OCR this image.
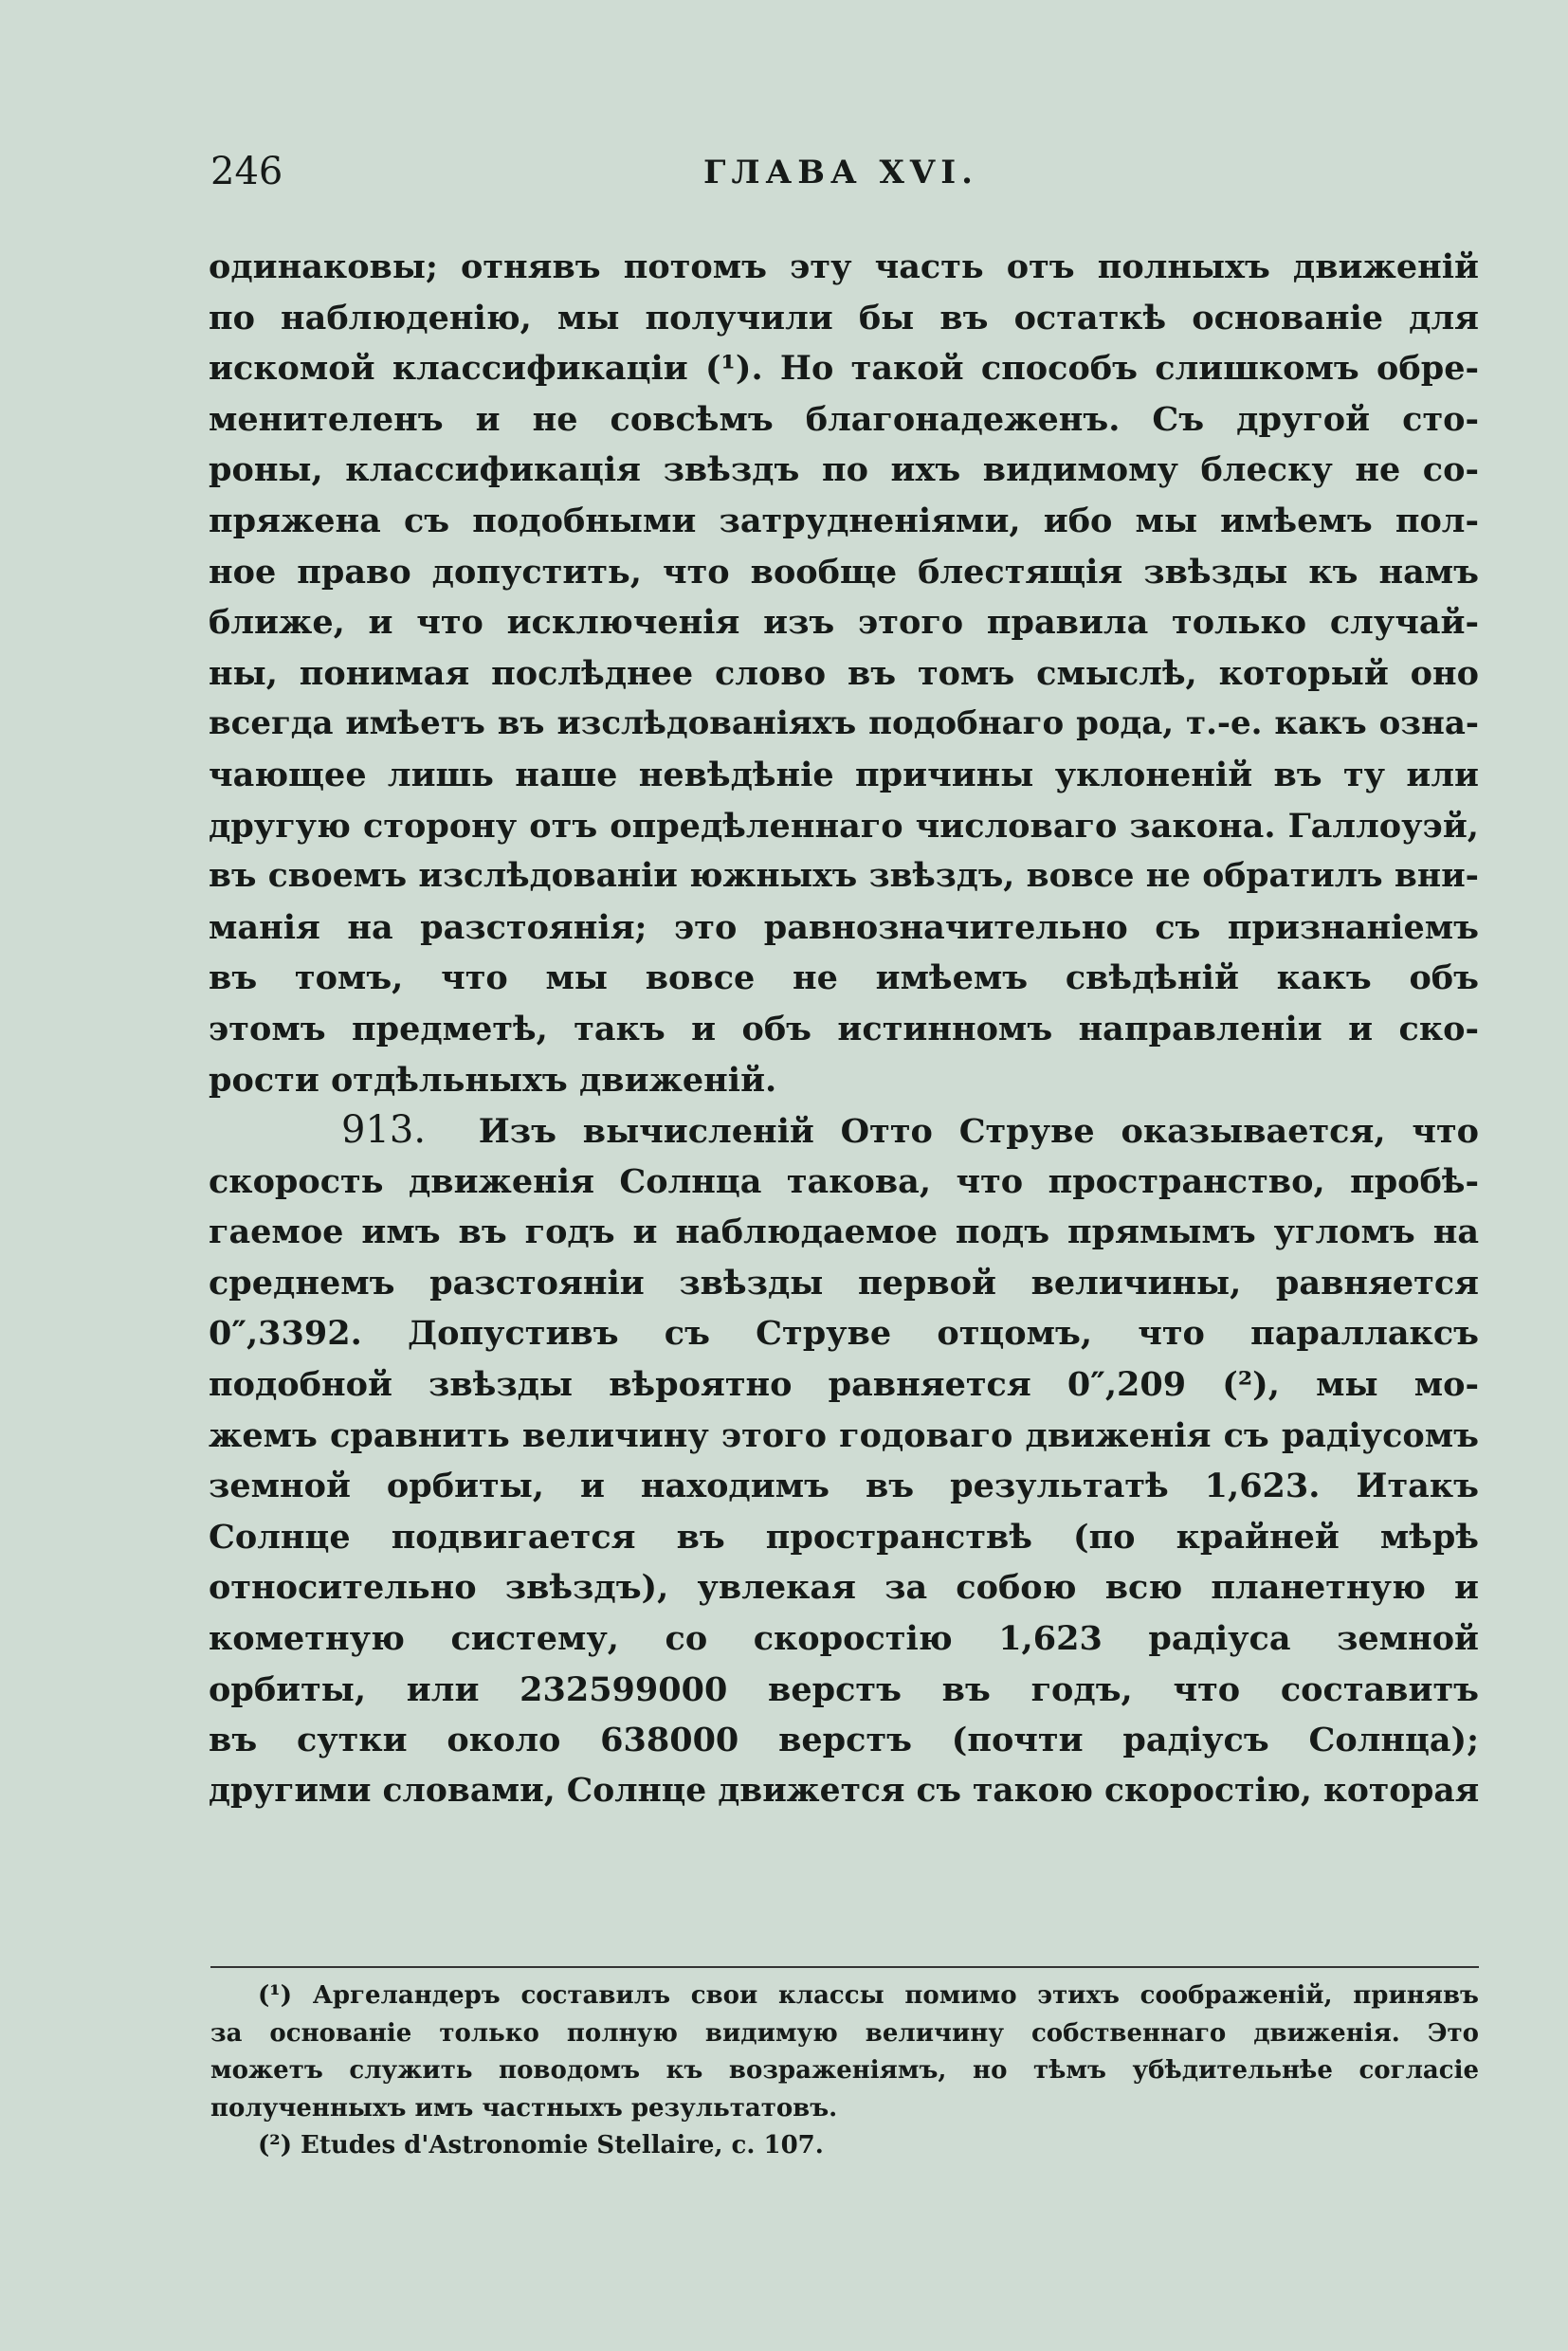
246	ГЛАВА XVI.
одинаковы; отнявъ потомъ эту часть отъ полныхъ движеній
по наблюденію, мы получили бы въ остаткѣ основаніе для
искомой классификаціи (¹). Но такой способъ слишкомъ обре-
менителенъ и не совсѣмъ благонадеженъ. Съ другой сто-
роны, классификація звѣздъ по ихъ видимому блеску не со-
пряжена съ подобными затрудненіями, ибо мы имѣемъ пол-
ное право допустить, что вообще блестящія звѣзды къ намъ
ближе, и что исключенія изъ этого правила только случай-
ны, понимая послѣднее слово въ томъ смыслѣ, который оно
всегда имѣетъ въ изслѣдованіяхъ подобнаго рода, т.-е. какъ озна-
чающее лишь наше невѣдѣніе причины уклоненій въ ту или
другую сторону отъ опредѣленнаго числоваго закона. Галлоуэй,
въ своемъ изслѣдованіи южныхъ звѣздъ, вовсе не обратилъ вни-
манія на разстоянія; это равнозначительно съ признаніемъ
въ томъ, что мы вовсе не имѣемъ свѣдѣній какъ объ
этомъ предметѣ, такъ и объ истинномъ направленіи и ско-
рости отдѣльныхъ движеній.
913. Изъ вычисленій Отто Струве оказывается, что
скорость движенія Солнца такова, что пространство, пробѣ-
гаемое имъ въ годъ и наблюдаемое подъ прямымъ угломъ на
среднемъ разстояніи звѣзды первой величины, равняется
0″,3392. Допустивъ съ Струве отцомъ, что параллаксъ
подобной звѣзды вѣроятно равняется 0″,209 (²), мы мо-
жемъ сравнить величину этого годоваго движенія съ радіусомъ
земной орбиты, и находимъ въ результатѣ 1,623. Итакъ
Солнце подвигается въ пространствѣ (по крайней мѣрѣ
относительно звѣздъ), увлекая за собою всю планетную и
кометную систему, со скоростію 1,623 радіуса земной
орбиты, или 232599000 верстъ въ годъ, что составитъ
въ сутки около 638000 верстъ (почти радіусъ Солнца);
другими словами, Солнце движется съ такою скоростію, которая
(¹) Аргеландеръ составилъ свои классы помимо этихъ соображеній, принявъ
за основаніе только полную видимую величину собственнаго движенія. Это
можетъ служить поводомъ къ возраженіямъ, но тѣмъ убѣдительнѣе согласіе
полученныхъ имъ частныхъ результатовъ.
(²) Etudes d'Astronomie Stellaire, с. 107.
